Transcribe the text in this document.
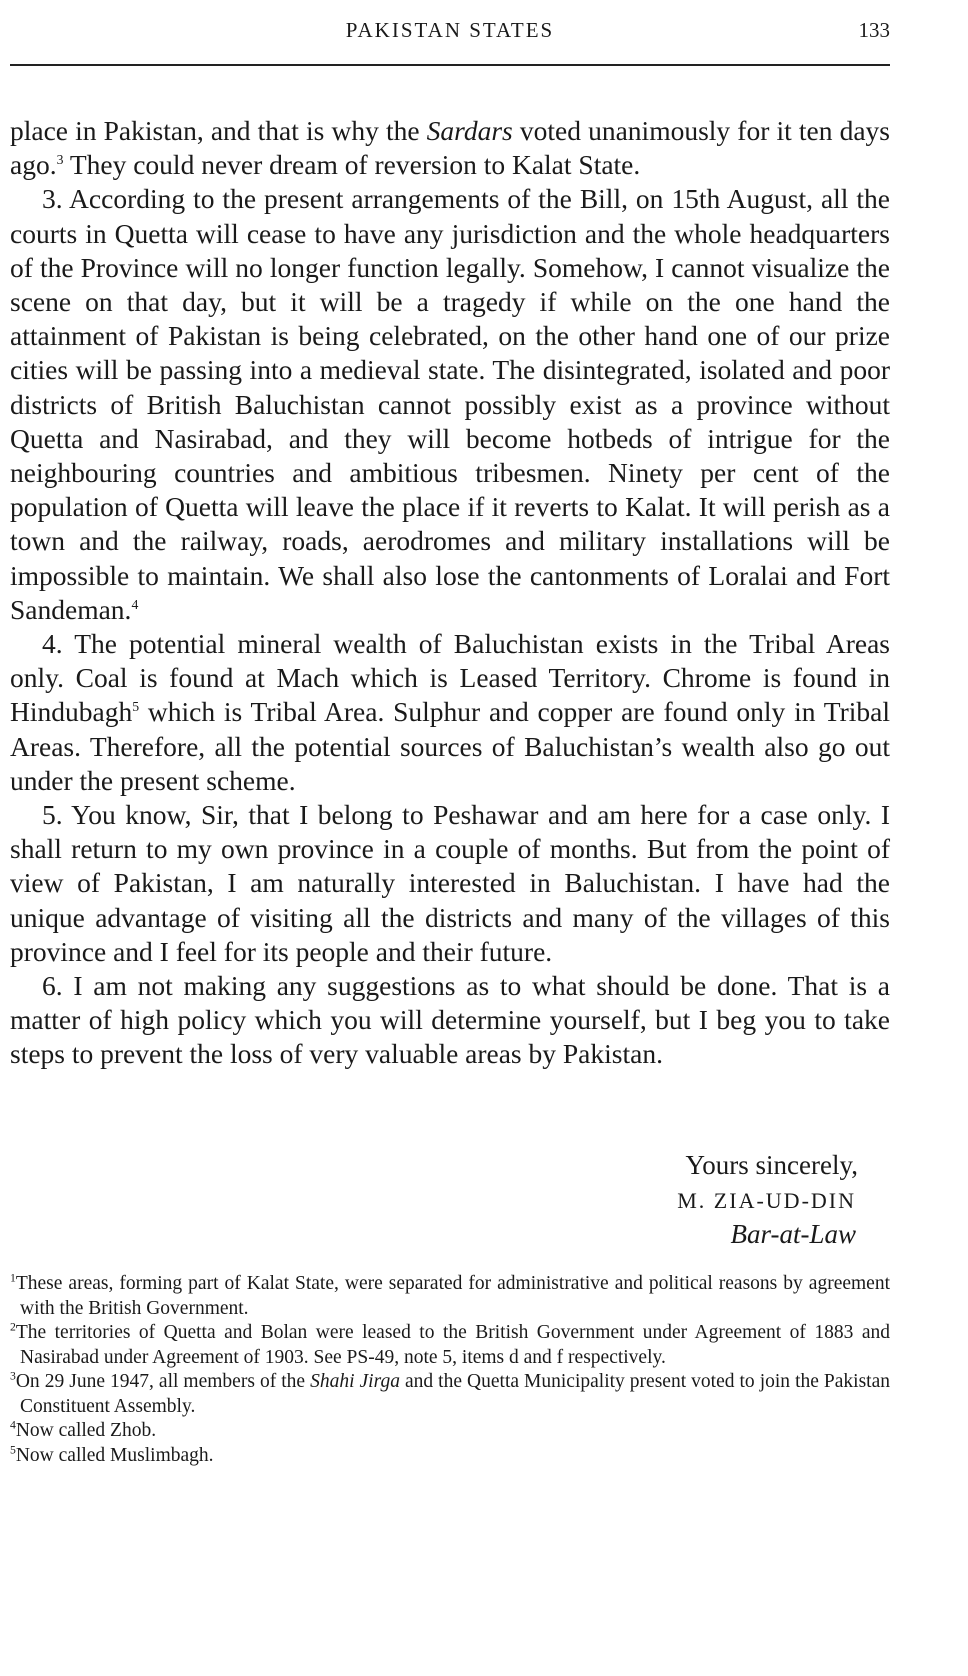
PAKISTAN STATES	133

place in Pakistan, and that is why the Sardars voted unanimously for it ten days ago.$^3$ They could never dream of reversion to Kalat State.

3. According to the present arrangements of the Bill, on 15th August, all the courts in Quetta will cease to have any jurisdiction and the whole headquarters of the Province will no longer function legally. Somehow, I cannot visualize the scene on that day, but it will be a tragedy if while on the one hand the attainment of Pakistan is being celebrated, on the other hand one of our prize cities will be passing into a medieval state. The disintegrated, isolated and poor districts of British Baluchistan cannot possibly exist as a province without Quetta and Nasirabad, and they will become hotbeds of intrigue for the neighbouring countries and ambitious tribesmen. Ninety per cent of the population of Quetta will leave the place if it reverts to Kalat. It will perish as a town and the railway, roads, aerodromes and military installations will be impossible to maintain. We shall also lose the cantonments of Loralai and Fort Sandeman.$^4$

4. The potential mineral wealth of Baluchistan exists in the Tribal Areas only. Coal is found at Mach which is Leased Territory. Chrome is found in Hindubagh$^5$ which is Tribal Area. Sulphur and copper are found only in Tribal Areas. Therefore, all the potential sources of Baluchistan’s wealth also go out under the present scheme.

5. You know, Sir, that I belong to Peshawar and am here for a case only. I shall return to my own province in a couple of months. But from the point of view of Pakistan, I am naturally interested in Baluchistan. I have had the unique advantage of visiting all the districts and many of the villages of this province and I feel for its people and their future.

6. I am not making any suggestions as to what should be done. That is a matter of high policy which you will determine yourself, but I beg you to take steps to prevent the loss of very valuable areas by Pakistan.

Yours sincerely,
M. ZIA-UD-DIN
Bar-at-Law
$^1$These areas, forming part of Kalat State, were separated for administrative and political reasons by agreement with the British Government.
$^2$The territories of Quetta and Bolan were leased to the British Government under Agreement of 1883 and Nasirabad under Agreement of 1903. See PS-49, note 5, items d and f respectively.
$^3$On 29 June 1947, all members of the Shahi Jirga and the Quetta Municipality present voted to join the Pakistan Constituent Assembly.
$^4$Now called Zhob.
$^5$Now called Muslimbagh.
